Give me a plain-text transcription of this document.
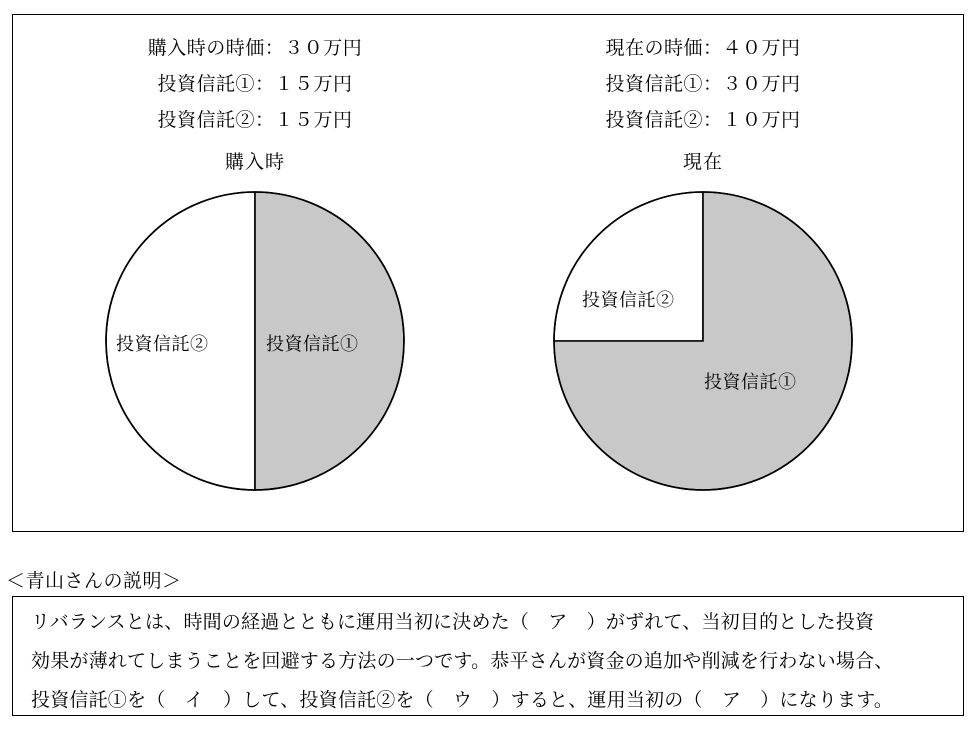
購入時の時価：３０万円
投資信託①：１５万円
投資信託②：１５万円
購入時
投資信託②	投資信託①
現在の時価：４０万円
投資信託①：３０万円
投資信託②：１０万円
現在
投資信託②
投資信託①
＜青山さんの説明＞
リバランスとは、時間の経過とともに運用当初に決めた（　ア　）がずれて、当初目的とした投資
効果が薄れてしまうことを回避する方法の一つです。恭平さんが資金の追加や削減を行わない場合、
投資信託①を（　イ　）して、投資信託②を（　ウ　）すると、運用当初の（　ア　）になります。
